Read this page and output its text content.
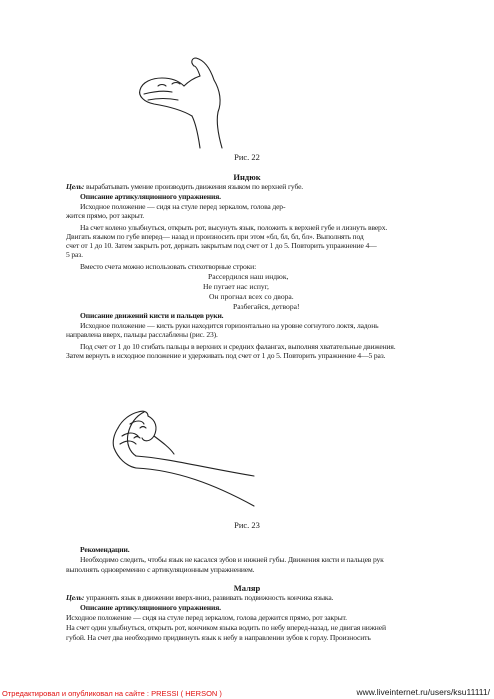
Рис. 22
Индюк
Цель: вырабатывать умение производить движения языком по верхней губе.
Описание артикуляционного упражнения.
Исходное положение — сидя на стуле перед зеркалом, голова дер-
жится прямо, рот закрыт.
На счет колено улыбнуться, открыть рот, высунуть язык, положить к верхней губе и лизнуть вверх.
Двигать языком по губе вперед— назад и произносить при этом «бл, бл, бл, бл». Выполнять под
счет от 1 до 10. Затем закрыть рот, держать закрытым под счет от 1 до 5. Повторить упражнение 4—
5 раз.
Вместо счета можно использовать стихотворные строки:
Рассердился наш индюк,
Не пугает нас испуг,
Он прогнал всех со двора.
Разбегайся, детвора!
Описание движений кисти и пальцев руки.
Исходное положение — кисть руки находится горизонтально на уровне согнутого локтя, ладонь
направлена вверх, пальцы расслаблены (рис. 23).
Под счет от 1 до 10 сгибать пальцы в верхних и средних фалангах, выполняя хватательные движения.
Затем вернуть в исходное положение и удерживать под счет от 1 до 5. Повторить упражнение 4—5 раз.
Рис. 23
Рекомендации.
Необходимо следить, чтобы язык не касался зубов и нижней губы. Движения кисти и пальцев рук
выполнять одновременно с артикуляционным упражнением.
Маляр
Цель: упражнять язык в движении вверх-вниз, развивать подвижность кончика языка.
Описание артикуляционного упражнения.
Исходное положение — сидя на стуле перед зеркалом, голова держится прямо, рот закрыт.
На счет один улыбнуться, открыть рот, кончиком языка водить по небу вперед-назад, не двигая нижней
губой. На счет два необходимо придвинуть язык к небу в направлении зубов к горлу. Произносить
Отредактировал и опубликовал на сайте : PRESSI ( HERSON )	www.liveinternet.ru/users/ksu11111/
